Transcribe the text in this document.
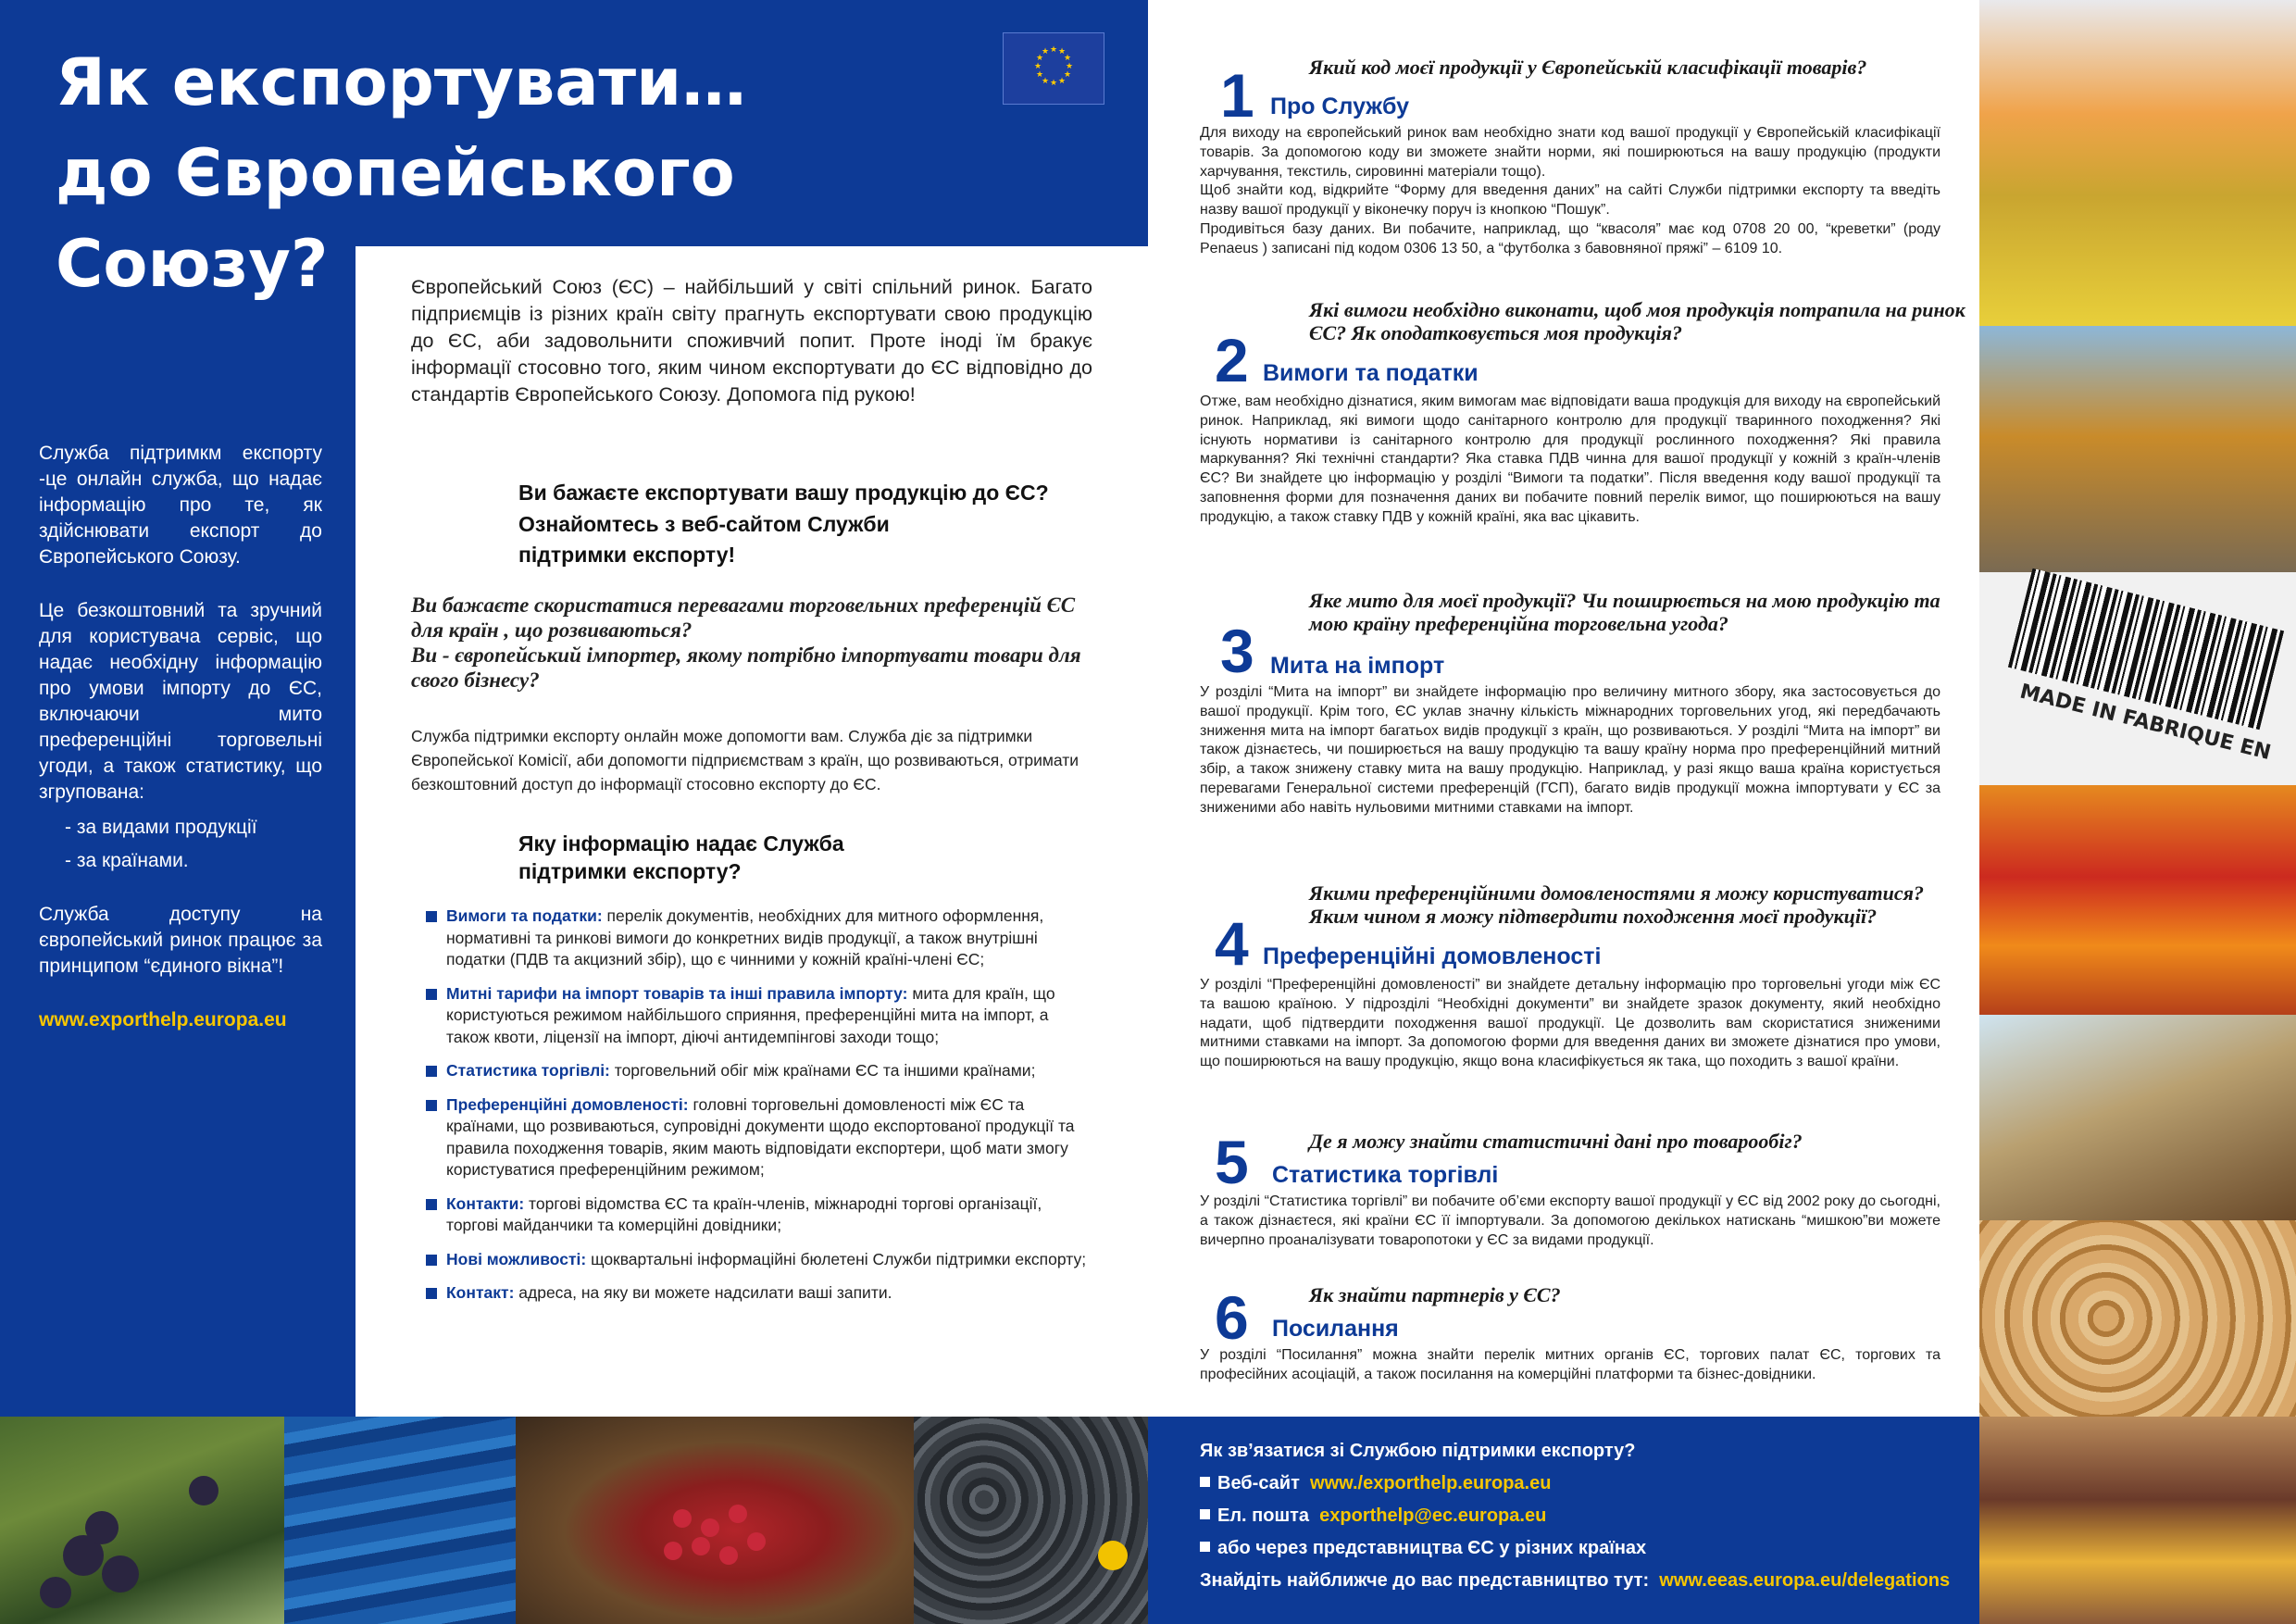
Як експортувати…
до Європейського Союзу?
★ ★
★
★
★
★
★
★
★
★
★
★

Служба підтримкм експорту -це онлайн служба, що надає інформацію про те, як здійснювати експорт до Європейського Союзу.

Це безкоштовний та зручний для користувача сервіс, що надає необхідну інформацію про умови імпорту до ЄС, включаючи мито преференційні торговельні угоди, а також статистику, що згрупована:

- за видами продукції
- за країнами.

Служба доступу на європейський ринок працює за принципом “єдиного вікна”!

www.exporthelp.europa.eu
Європейський Союз (ЄС) – найбільший у світі спільний ринок. Багато підприємців із різних країн світу прагнуть експортувати свою продукцію до ЄС, аби задовольнити споживчий попит. Проте іноді їм бракує інформації стосовно того, яким чином експортувати до ЄС відповідно до стандартів Європейського Союзу. Допомога під рукою!
Ви бажаєте експортувати вашу продукцію до ЄС?
Ознайомтесь з веб-сайтом Служби підтримки експорту!
Ви бажаєте скористатися перевагами торговельних преференцій ЄС для країн , що розвиваються?
Ви - європейський імпортер, якому потрібно імпортувати товари для свого бізнесу?
Служба підтримки експорту онлайн може допомогти вам. Служба діє за підтримки Європейської Комісії, аби допомогти підприємствам з країн, що розвиваються, отримати безкоштовний доступ до інформації стосовно експорту до ЄС.
Яку інформацію надає Служба підтримки експорту?
Вимоги та податки: перелік документів, необхідних для митного оформлення, нормативні та ринкові вимоги до конкретних видів продукції, а також внутрішні податки (ПДВ та акцизний збір), що є чинними у кожній країні-члені ЄС;
Митні тарифи на імпорт товарів та інші правила імпорту: мита для країн, що користуються режимом найбільшого сприяння, преференційні мита на імпорт, а також квоти, ліцензії на імпорт, діючі антидемпінгові заходи тощо;
Статистика торгівлі: торговельний обіг між країнами ЄС та іншими країнами;
Преференційні домовленості: головні торговельні домовленості між ЄС та країнами, що розвиваються, супровідні документи щодо експортованої продукції та правила походження товарів, яким мають відповідати експортери, щоб мати змогу користуватися преференційним режимом;
Контакти: торгові відомства ЄС та країн-членів, міжнародні торгові організації, торгові майданчики та комерційні довідники;
Нові можливості: щоквартальні інформаційні бюлетені Служби підтримки експорту;
Контакт: адреса, на яку ви можете надсилати ваші запити.
MADE IN FABRIQUE EN
Який код моєї продукції у Європейській класифікації товарів?
1 Про Службу
Для виходу на європейський ринок вам необхідно знати код вашої продукції у Європейській класифікації товарів. За допомогою коду ви зможете знайти норми, які поширюються на вашу продукцію (продукти харчування, текстиль, сировинні матеріали тощо).
Щоб знайти код, відкрийте “Форму для введення даних” на сайті Служби підтримки експорту та введіть назву вашої продукції у віконечку поруч із кнопкою “Пошук”.
Продивіться базу даних. Ви побачите, наприклад, що “квасоля” має код 0708 20 00, “креветки” (роду Penaeus ) записані під кодом 0306 13 50, а “футболка з бавовняної пряжі” – 6109 10.
Які вимоги необхідно виконати, щоб моя продукція потрапила на ринок ЄС? Як оподатковується моя продукція?
2 Вимоги та податки
Отже, вам необхідно дізнатися, яким вимогам має відповідати ваша продукція для виходу на європейський ринок. Наприклад, які вимоги щодо санітарного контролю для продукції тваринного походження? Які існують нормативи із санітарного контролю для продукції рослинного походження? Які правила маркування? Які технічні стандарти? Яка ставка ПДВ чинна для вашої продукції у кожній з країн-членів ЄС? Ви знайдете цю інформацію у розділі “Вимоги та податки”. Після введення коду вашої продукції та заповнення форми для позначення даних ви побачите повний перелік вимог, що поширюються на вашу продукцію, а також ставку ПДВ у кожній країні, яка вас цікавить.
Яке мито для моєї продукції? Чи поширюється на мою продукцію та мою країну преференційна торговельна угода?
3 Мита на імпорт
У розділі “Мита на імпорт” ви знайдете інформацію про величину митного збору, яка застосовується до вашої продукції. Крім того, ЄС уклав значну кількість міжнародних торговельних угод, які передбачають зниження мита на імпорт багатьох видів продукції з країн, що розвиваються. У розділі “Мита на імпорт” ви також дізнаєтесь, чи поширюється на вашу продукцію та вашу країну норма про преференційний митний збір, а також знижену ставку мита на вашу продукцію. Наприклад, у разі якщо ваша країна користується перевагами Генеральної системи преференцій (ГСП), багато видів продукції можна імпортувати у ЄС за зниженими або навіть нульовими митними ставками на імпорт.
Якими преференційними домовленостями я можу користуватися? Яким чином я можу підтвердити походження моєї продукції?
4 Преференційні домовленості
У розділі “Преференційні домовленості” ви знайдете детальну інформацію про торговельні угоди між ЄС та вашою країною. У підрозділі “Необхідні документи” ви знайдете зразок документу, який необхідно надати, щоб підтвердити походження вашої продукції. Це дозволить вам скористатися зниженими митними ставками на імпорт. За допомогою форми для введення даних ви зможете дізнатися про умови, що поширюються на вашу продукцію, якщо вона класифікується як така, що походить з вашої країни.
Де я можу знайти статистичні дані про товарообіг?
5 Статистика торгівлі
У розділі “Статистика торгівлі” ви побачите об’єми експорту вашої продукції у ЄС від 2002 року до сьогодні, а також дізнаєтеся, які країни ЄС її імпортували. За допомогою декількох натискань “мишкою”ви можете вичерпно проаналізувати товаропотоки у ЄС за видами продукції.
Як знайти партнерів у ЄС?
6 Посилання
У розділі “Посилання” можна знайти перелік митних органів ЄС, торгових палат ЄС, торгових та професійних асоціацій, а також посилання на комерційні платформи та бізнес-довідники.
Як зв’язатися зі Службою підтримки експорту?
Веб-сайт www./exporthelp.europa.eu
Ел. пошта exporthelp@ec.europa.eu
або через представництва ЄС у різних країнах
Знайдіть найближче до вас представництво тут: www.eeas.europa.eu/delegations
